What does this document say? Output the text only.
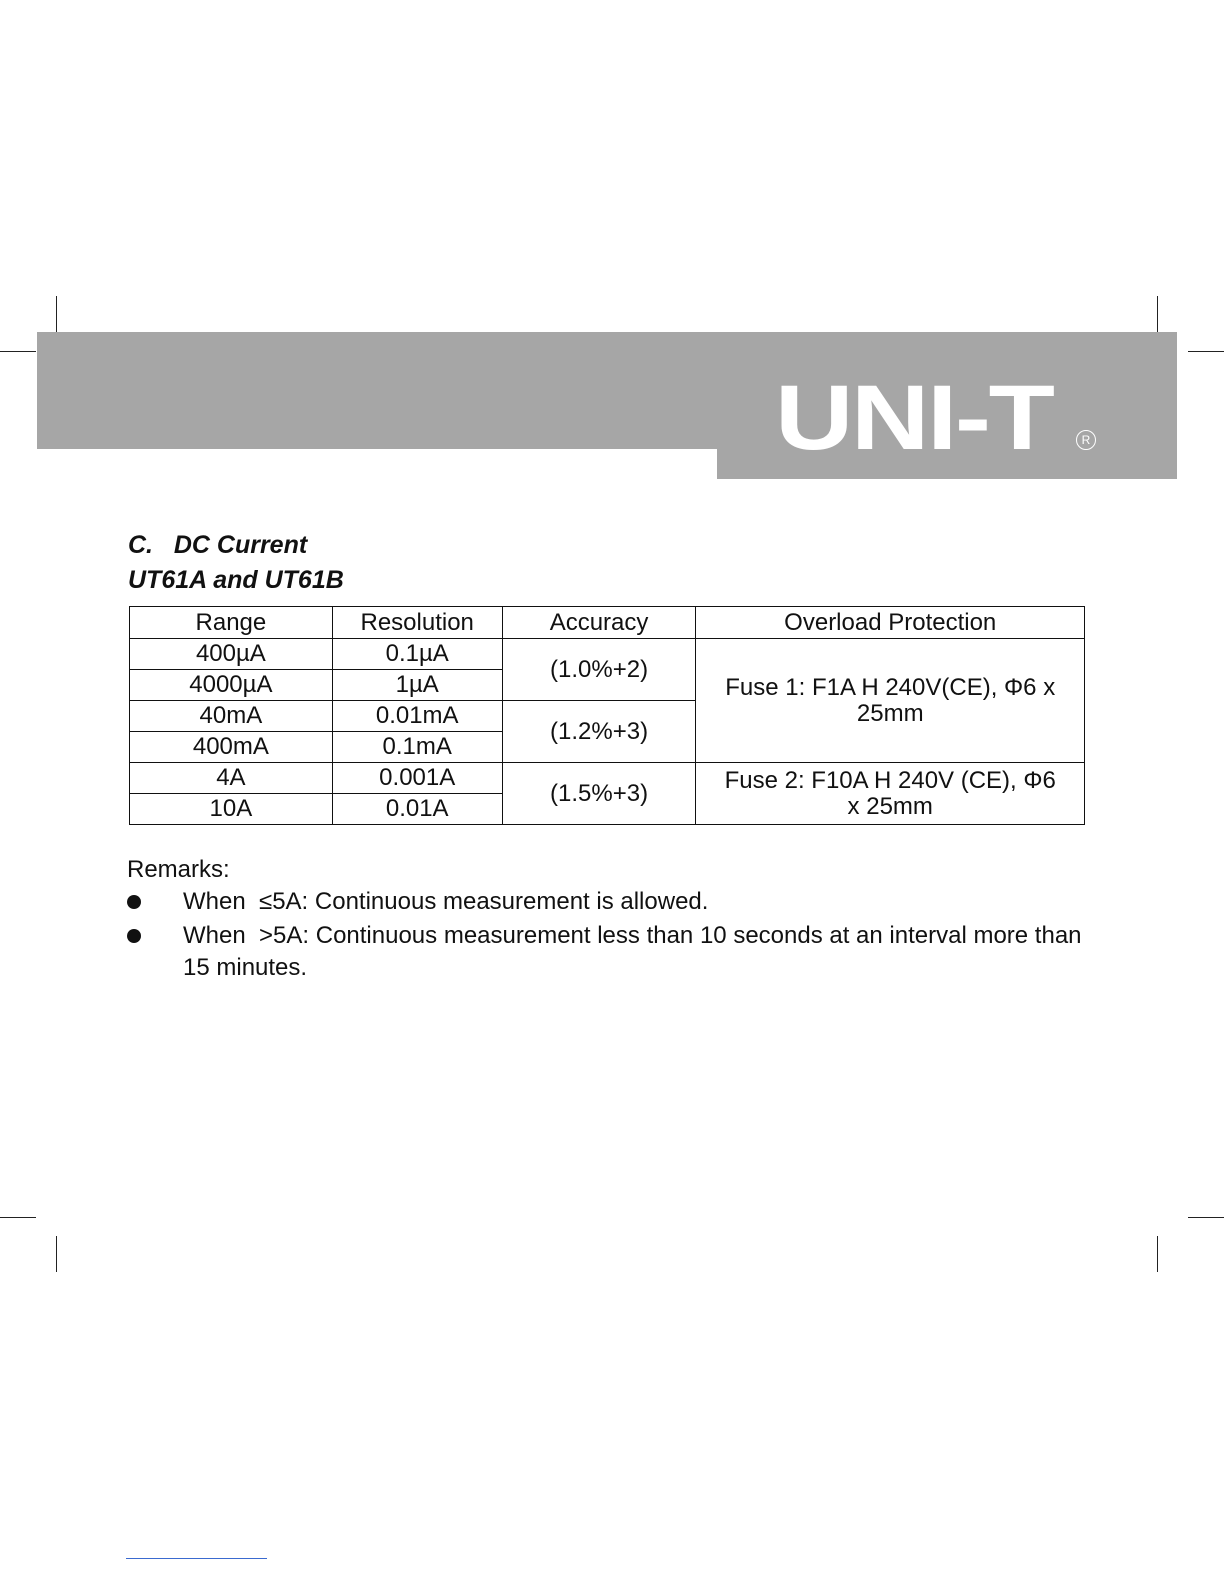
UNI-T	R
C.   DC Current
UT61A and UT61B
Range	Resolution	Accuracy	Overload Protection
400µA	0.1µA	(1.0%+2)	Fuse 1: F1A H 240V(CE), Φ6 x 25mm
4000µA	1µA		
40mA	0.01mA	(1.2%+3)	
400mA	0.1mA		
4A	0.001A	(1.5%+3)	Fuse 2: F10A H 240V (CE), Φ6 x 25mm
10A	0.01A		
Remarks:
When  ≤5A: Continuous measurement is allowed.
When  >5A: Continuous measurement less than 10 seconds at an interval more than 15 minutes.
